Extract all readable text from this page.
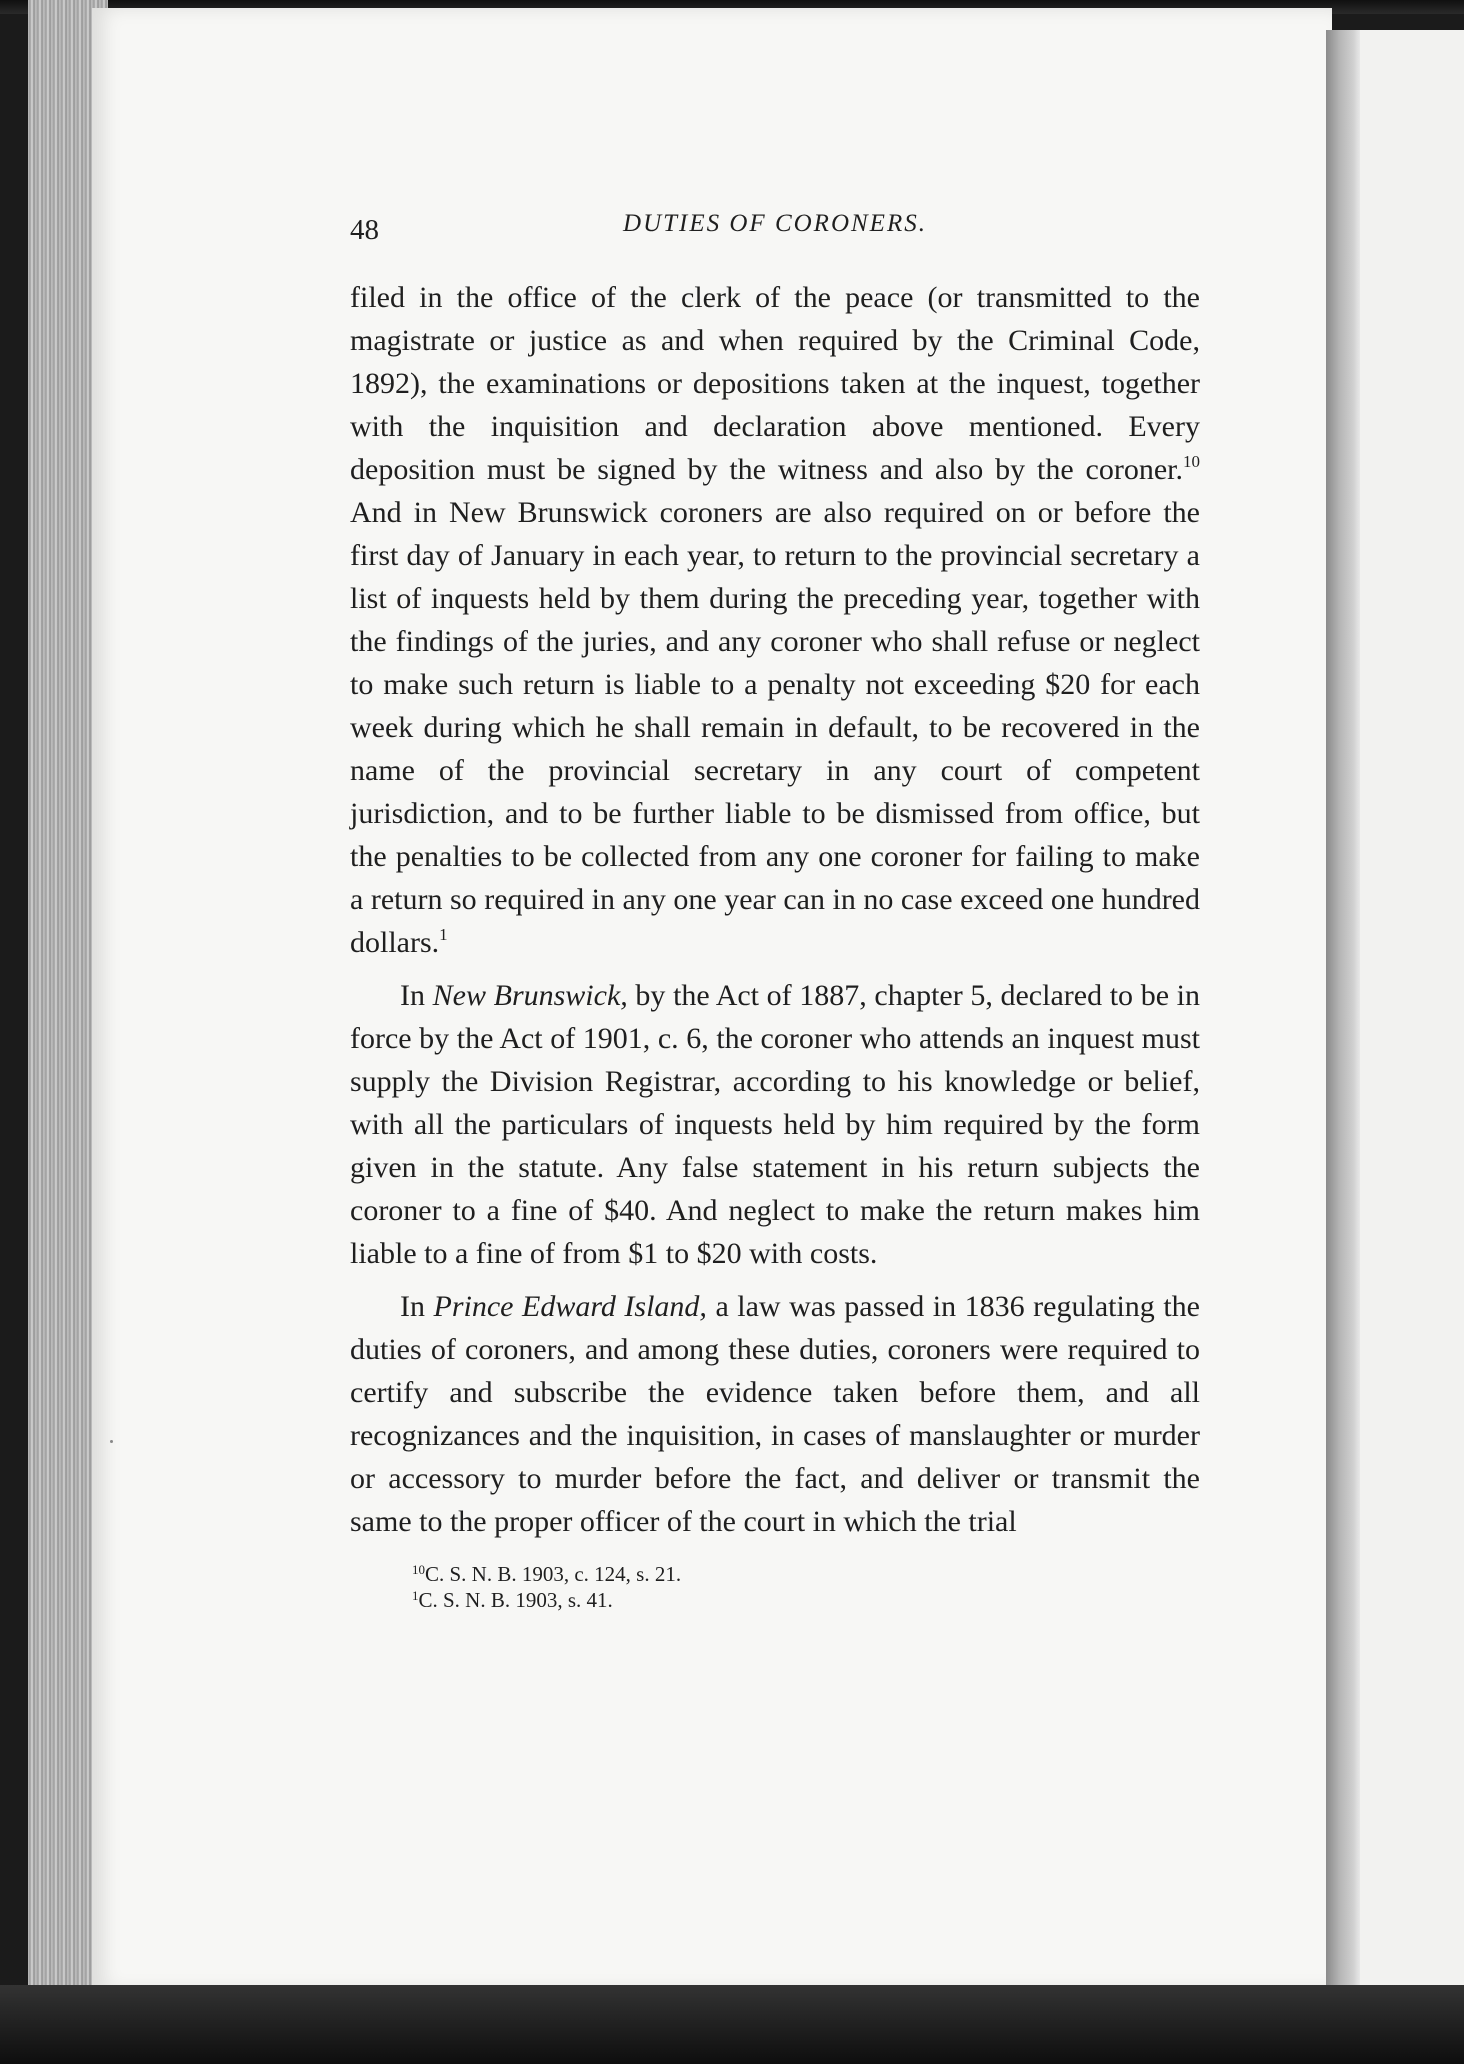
48	DUTIES OF CORONERS.

filed in the office of the clerk of the peace (or transmitted to the magistrate or justice as and when required by the Criminal Code, 1892), the examinations or depositions taken at the inquest, together with the inquisition and declaration above mentioned. Every deposition must be signed by the witness and also by the coroner.$^{10}$ And in New Brunswick coroners are also required on or before the first day of January in each year, to return to the provincial secretary a list of inquests held by them during the preceding year, together with the findings of the juries, and any coroner who shall refuse or neglect to make such return is liable to a penalty not exceeding $20 for each week during which he shall remain in default, to be recovered in the name of the provincial secretary in any court of competent jurisdiction, and to be further liable to be dismissed from office, but the penalties to be collected from any one coroner for failing to make a return so required in any one year can in no case exceed one hundred dollars.$^1$

In New Brunswick, by the Act of 1887, chapter 5, declared to be in force by the Act of 1901, c. 6, the coroner who attends an inquest must supply the Division Registrar, according to his knowledge or belief, with all the particulars of inquests held by him required by the form given in the statute. Any false statement in his return subjects the coroner to a fine of $40. And neglect to make the return makes him liable to a fine of from $1 to $20 with costs.

In Prince Edward Island, a law was passed in 1836 regulating the duties of coroners, and among these duties, coroners were required to certify and subscribe the evidence taken before them, and all recognizances and the inquisition, in cases of manslaughter or murder or accessory to murder before the fact, and deliver or transmit the same to the proper officer of the court in which the trial

$^{10}$C. S. N. B. 1903, c. 124, s. 21.
$^1$C. S. N. B. 1903, s. 41.
